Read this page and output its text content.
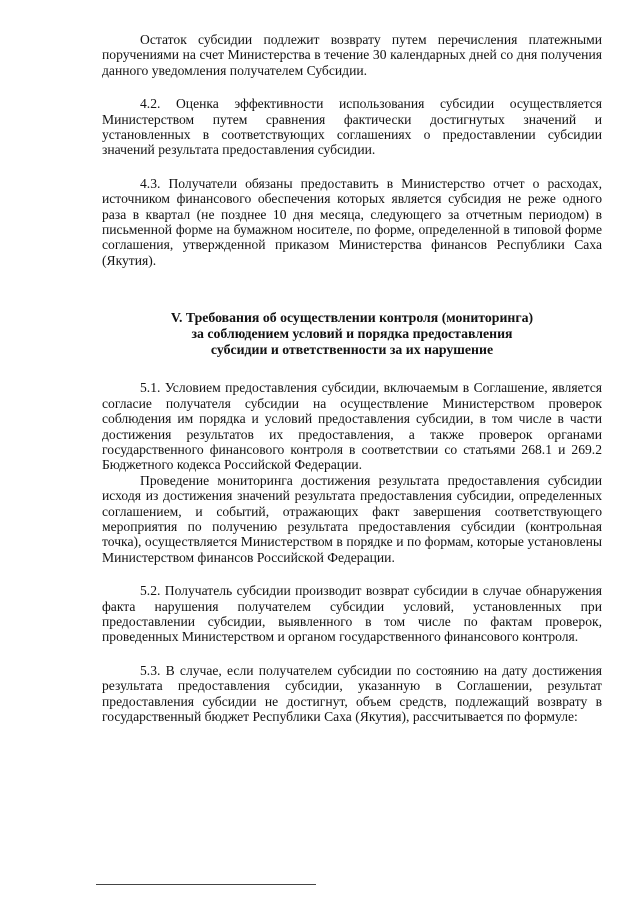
Остаток субсидии подлежит возврату путем перечисления платежными поручениями на счет Министерства в течение 30 календарных дней со дня получения данного уведомления получателем Субсидии.

4.2. Оценка эффективности использования субсидии осуществляется Министерством путем сравнения фактически достигнутых значений и установленных в соответствующих соглашениях о предоставлении субсидии значений результата предоставления субсидии.

4.3. Получатели обязаны предоставить в Министерство отчет о расходах, источником финансового обеспечения которых является субсидия не реже одного раза в квартал (не позднее 10 дня месяца, следующего за отчетным периодом) в письменной форме на бумажном носителе, по форме, определенной в типовой форме соглашения, утвержденной приказом Министерства финансов Республики Саха (Якутия).

V. Требования об осуществлении контроля (мониторинга)
за соблюдением условий и порядка предоставления
субсидии и ответственности за их нарушение

5.1. Условием предоставления субсидии, включаемым в Соглашение, является согласие получателя субсидии на осуществление Министерством проверок соблюдения им порядка и условий предоставления субсидии, в том числе в части достижения результатов их предоставления, а также проверок органами государственного финансового контроля в соответствии со статьями 268.1 и 269.2 Бюджетного кодекса Российской Федерации.

Проведение мониторинга достижения результата предоставления субсидии исходя из достижения значений результата предоставления субсидии, определенных соглашением, и событий, отражающих факт завершения соответствующего мероприятия по получению результата предоставления субсидии (контрольная точка), осуществляется Министерством в порядке и по формам, которые установлены Министерством финансов Российской Федерации.

5.2. Получатель субсидии производит возврат субсидии в случае обнаружения факта нарушения получателем субсидии условий, установленных при предоставлении субсидии, выявленного в том числе по фактам проверок, проведенных Министерством и органом государственного финансового контроля.

5.3. В случае, если получателем субсидии по состоянию на дату достижения результата предоставления субсидии, указанную в Соглашении, результат предоставления субсидии не достигнут, объем средств, подлежащий возврату в государственный бюджет Республики Саха (Якутия), рассчитывается по формуле:
